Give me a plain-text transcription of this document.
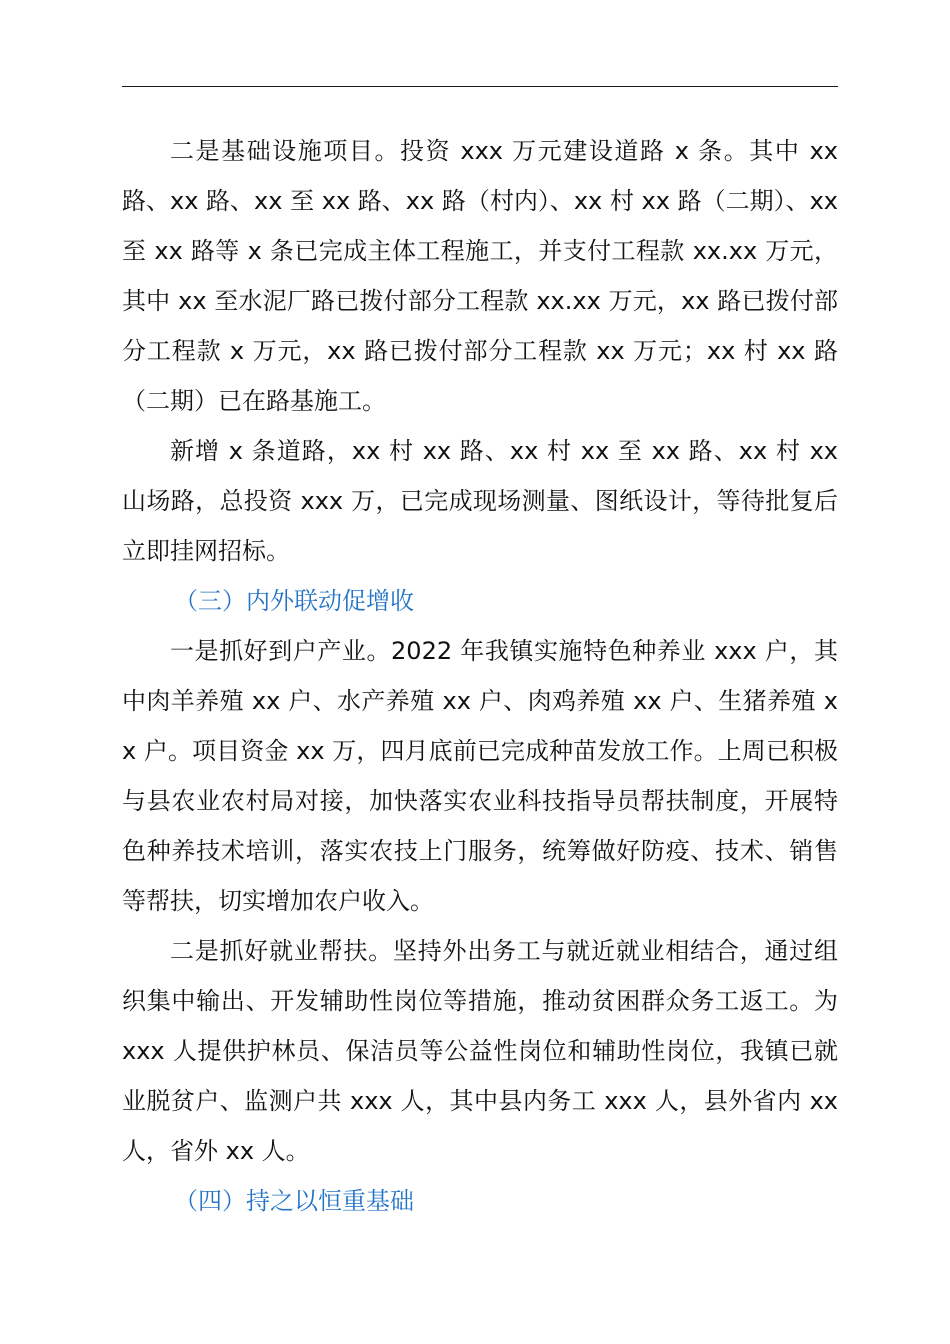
二是基础设施项目。投资 xxx 万元建设道路 x 条。其中 xx 路、xx 路、xx 至 xx 路、xx 路（村内）、xx 村 xx 路（二期）、xx 至 xx 路等 x 条已完成主体工程施工，并支付工程款 xx.xx 万元，其中 xx 至水泥厂路已拨付部分工程款 xx.xx 万元，xx 路已拨付部分工程款 x 万元，xx 路已拨付部分工程款 xx 万元；xx 村 xx 路（二期）已在路基施工。

新增 x 条道路，xx 村 xx 路、xx 村 xx 至 xx 路、xx 村 xx 山场路，总投资 xxx 万，已完成现场测量、图纸设计，等待批复后立即挂网招标。

（三）内外联动促增收

一是抓好到户产业。2022 年我镇实施特色种养业 xxx 户，其中肉羊养殖 xx 户、水产养殖 xx 户、肉鸡养殖 xx 户、生猪养殖 xx 户。项目资金 xx 万，四月底前已完成种苗发放工作。上周已积极与县农业农村局对接，加快落实农业科技指导员帮扶制度，开展特色种养技术培训，落实农技上门服务，统筹做好防疫、技术、销售等帮扶，切实增加农户收入。

二是抓好就业帮扶。坚持外出务工与就近就业相结合，通过组织集中输出、开发辅助性岗位等措施，推动贫困群众务工返工。为 xxx 人提供护林员、保洁员等公益性岗位和辅助性岗位，我镇已就业脱贫户、监测户共 xxx 人，其中县内务工 xxx 人，县外省内 xx 人，省外 xx 人。

（四）持之以恒重基础
